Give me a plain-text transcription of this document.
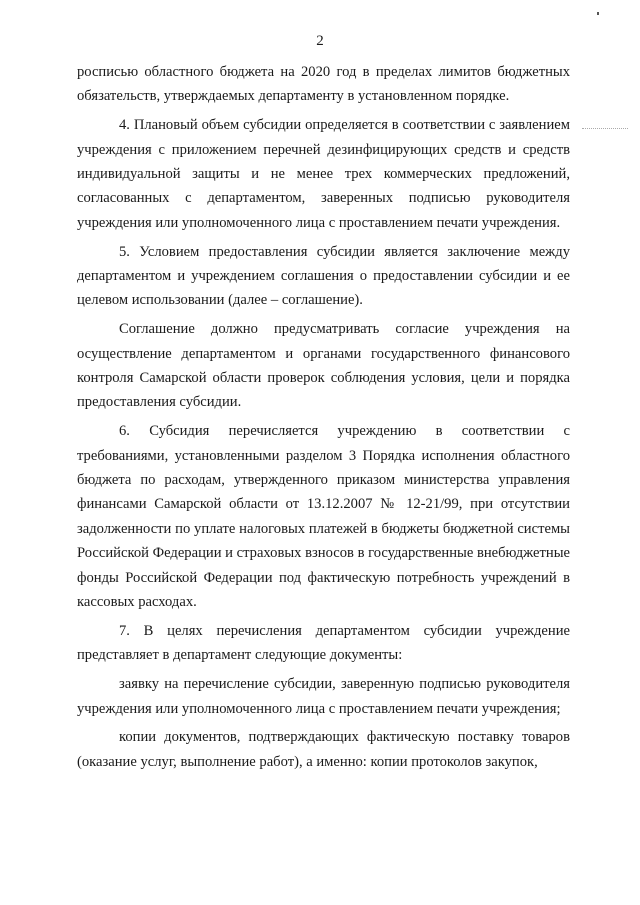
2

росписью областного бюджета на 2020 год в пределах лимитов бюджетных обязательств, утверждаемых департаменту в установленном порядке.

4. Плановый объем субсидии определяется в соответствии с заявлением учреждения с приложением перечней дезинфицирующих средств и средств индивидуальной защиты и не менее трех коммерческих предложений, согласованных с департаментом, заверенных подписью руководителя учреждения или уполномоченного лица с проставлением печати учреждения.

5. Условием предоставления субсидии является заключение между департаментом и учреждением соглашения о предоставлении субсидии и ее целевом использовании (далее – соглашение).

Соглашение должно предусматривать согласие учреждения на осуществление департаментом и органами государственного финансового контроля Самарской области проверок соблюдения условия, цели и порядка предоставления субсидии.

6. Субсидия перечисляется учреждению в соответствии с требованиями, установленными разделом 3 Порядка исполнения областного бюджета по расходам, утвержденного приказом министерства управления финансами Самарской области от 13.12.2007 № 12-21/99, при отсутствии задолженности по уплате налоговых платежей в бюджеты бюджетной системы Российской Федерации и страховых взносов в государственные внебюджетные фонды Российской Федерации под фактическую потребность учреждений в кассовых расходах.

7. В целях перечисления департаментом субсидии учреждение представляет в департамент следующие документы:

заявку на перечисление субсидии, заверенную подписью руководителя учреждения или уполномоченного лица с проставлением печати учреждения;

копии документов, подтверждающих фактическую поставку товаров (оказание услуг, выполнение работ), а именно: копии протоколов закупок,
